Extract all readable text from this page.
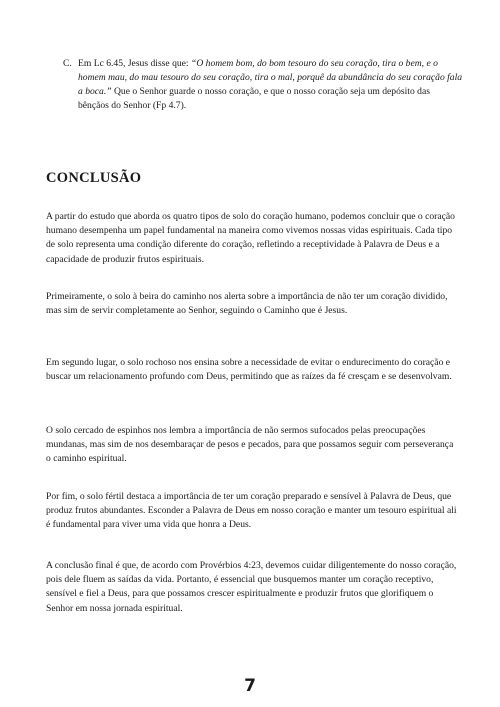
C. Em Lc 6.45, Jesus disse que: “O homem bom, do bom tesouro do seu coração, tira o bem, e o homem mau, do mau tesouro do seu coração, tira o mal, porquê da abundância do seu coração fala a boca.” Que o Senhor guarde o nosso coração, e que o nosso coração seja um depósito das bênçãos do Senhor (Fp 4.7).
CONCLUSÃO

A partir do estudo que aborda os quatro tipos de solo do coração humano, podemos concluir que o coração humano desempenha um papel fundamental na maneira como vivemos nossas vidas espirituais. Cada tipo de solo representa uma condição diferente do coração, refletindo a receptividade à Palavra de Deus e a capacidade de produzir frutos espirituais.

Primeiramente, o solo à beira do caminho nos alerta sobre a importância de não ter um coração dividido, mas sim de servir completamente ao Senhor, seguindo o Caminho que é Jesus.

Em segundo lugar, o solo rochoso nos ensina sobre a necessidade de evitar o endurecimento do coração e buscar um relacionamento profundo com Deus, permitindo que as raízes da fé cresçam e se desenvolvam.

O solo cercado de espinhos nos lembra a importância de não sermos sufocados pelas preocupações mundanas, mas sim de nos desembaraçar de pesos e pecados, para que possamos seguir com perseverança o caminho espiritual.

Por fim, o solo fértil destaca a importância de ter um coração preparado e sensível à Palavra de Deus, que produz frutos abundantes. Esconder a Palavra de Deus em nosso coração e manter um tesouro espiritual ali é fundamental para viver uma vida que honra a Deus.

A conclusão final é que, de acordo com Provérbios 4:23, devemos cuidar diligentemente do nosso coração, pois dele fluem as saídas da vida. Portanto, é essencial que busquemos manter um coração receptivo, sensível e fiel a Deus, para que possamos crescer espiritualmente e produzir frutos que glorifiquem o Senhor em nossa jornada espiritual.

7
